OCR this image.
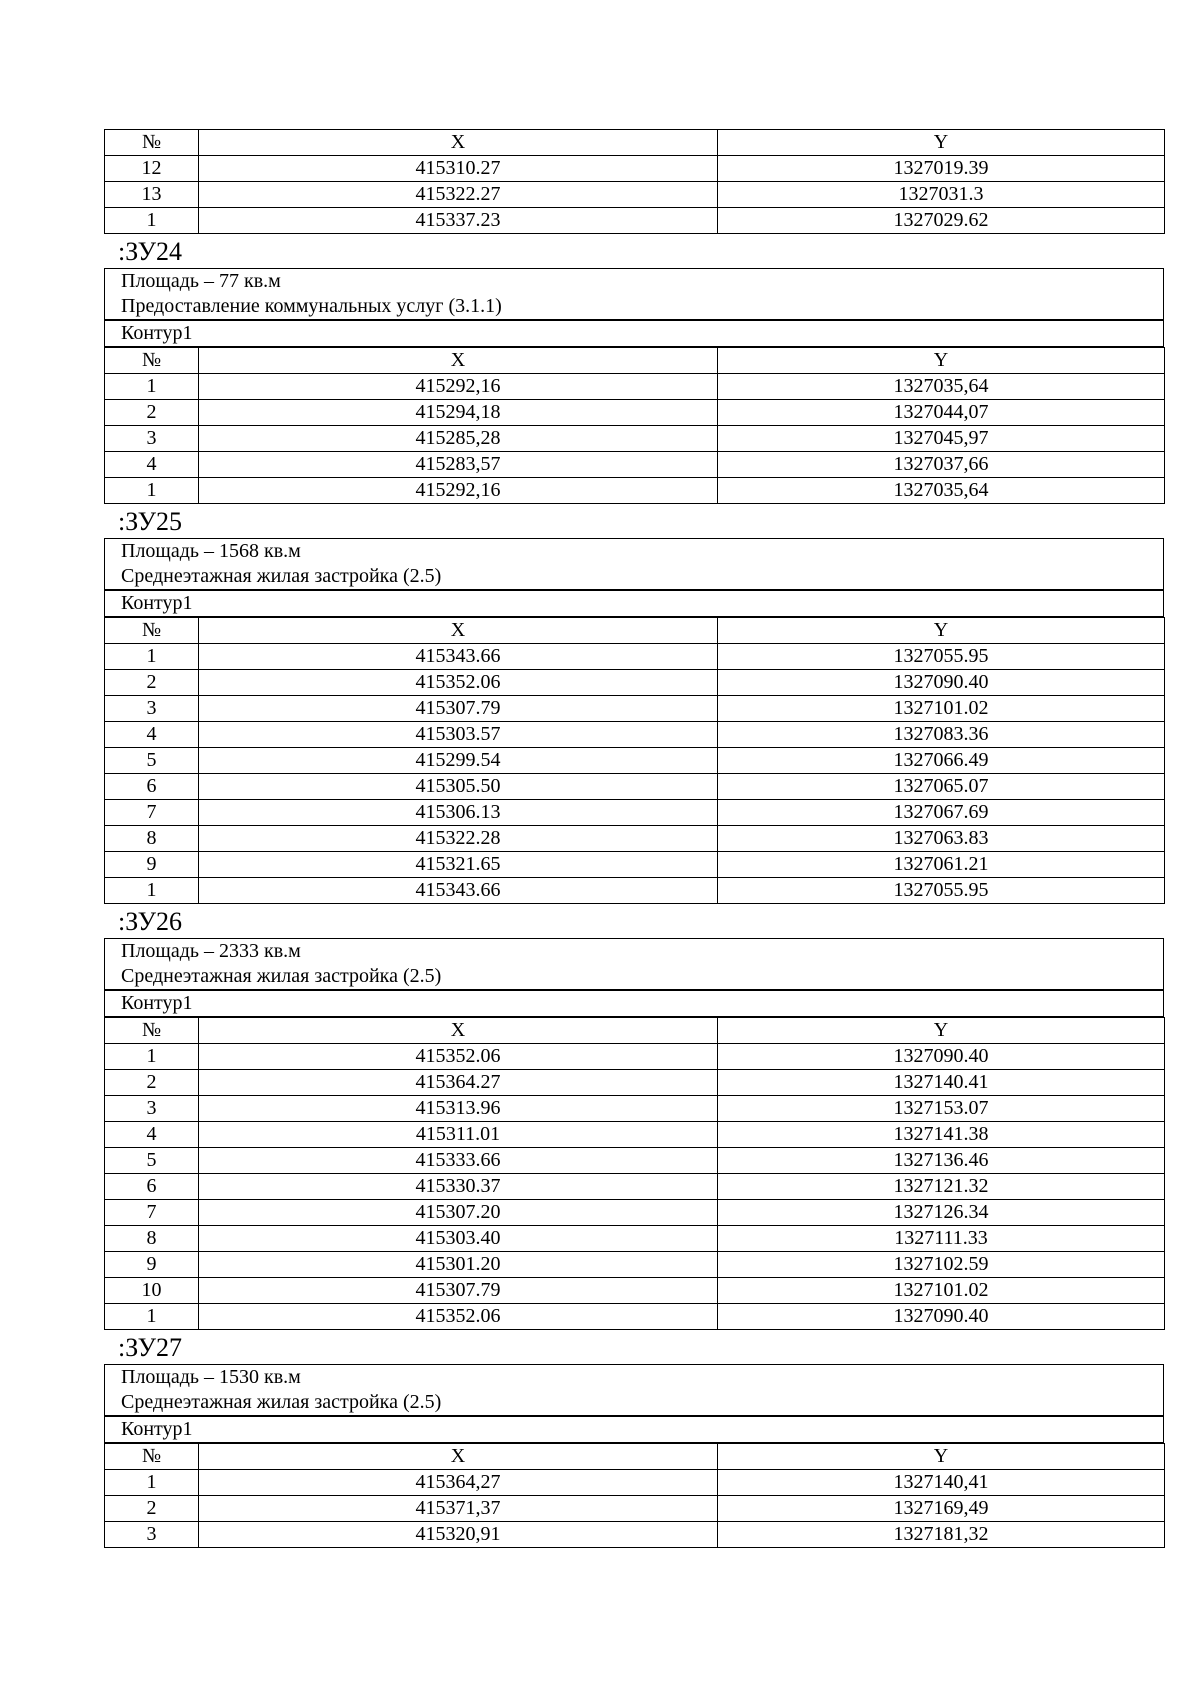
№	X	Y
12	415310.27	1327019.39
13	415322.27	1327031.3
1	415337.23	1327029.62
:ЗУ24
Площадь – 77 кв.м
Предоставление коммунальных услуг (3.1.1)
Контур1
№	X	Y
1	415292,16	1327035,64
2	415294,18	1327044,07
3	415285,28	1327045,97
4	415283,57	1327037,66
1	415292,16	1327035,64
:ЗУ25
Площадь – 1568 кв.м
Среднеэтажная жилая застройка (2.5)
Контур1
№	X	Y
1	415343.66	1327055.95
2	415352.06	1327090.40
3	415307.79	1327101.02
4	415303.57	1327083.36
5	415299.54	1327066.49
6	415305.50	1327065.07
7	415306.13	1327067.69
8	415322.28	1327063.83
9	415321.65	1327061.21
1	415343.66	1327055.95
:ЗУ26
Площадь – 2333 кв.м
Среднеэтажная жилая застройка (2.5)
Контур1
№	X	Y
1	415352.06	1327090.40
2	415364.27	1327140.41
3	415313.96	1327153.07
4	415311.01	1327141.38
5	415333.66	1327136.46
6	415330.37	1327121.32
7	415307.20	1327126.34
8	415303.40	1327111.33
9	415301.20	1327102.59
10	415307.79	1327101.02
1	415352.06	1327090.40
:ЗУ27
Площадь – 1530 кв.м
Среднеэтажная жилая застройка (2.5)
Контур1
№	X	Y
1	415364,27	1327140,41
2	415371,37	1327169,49
3	415320,91	1327181,32
